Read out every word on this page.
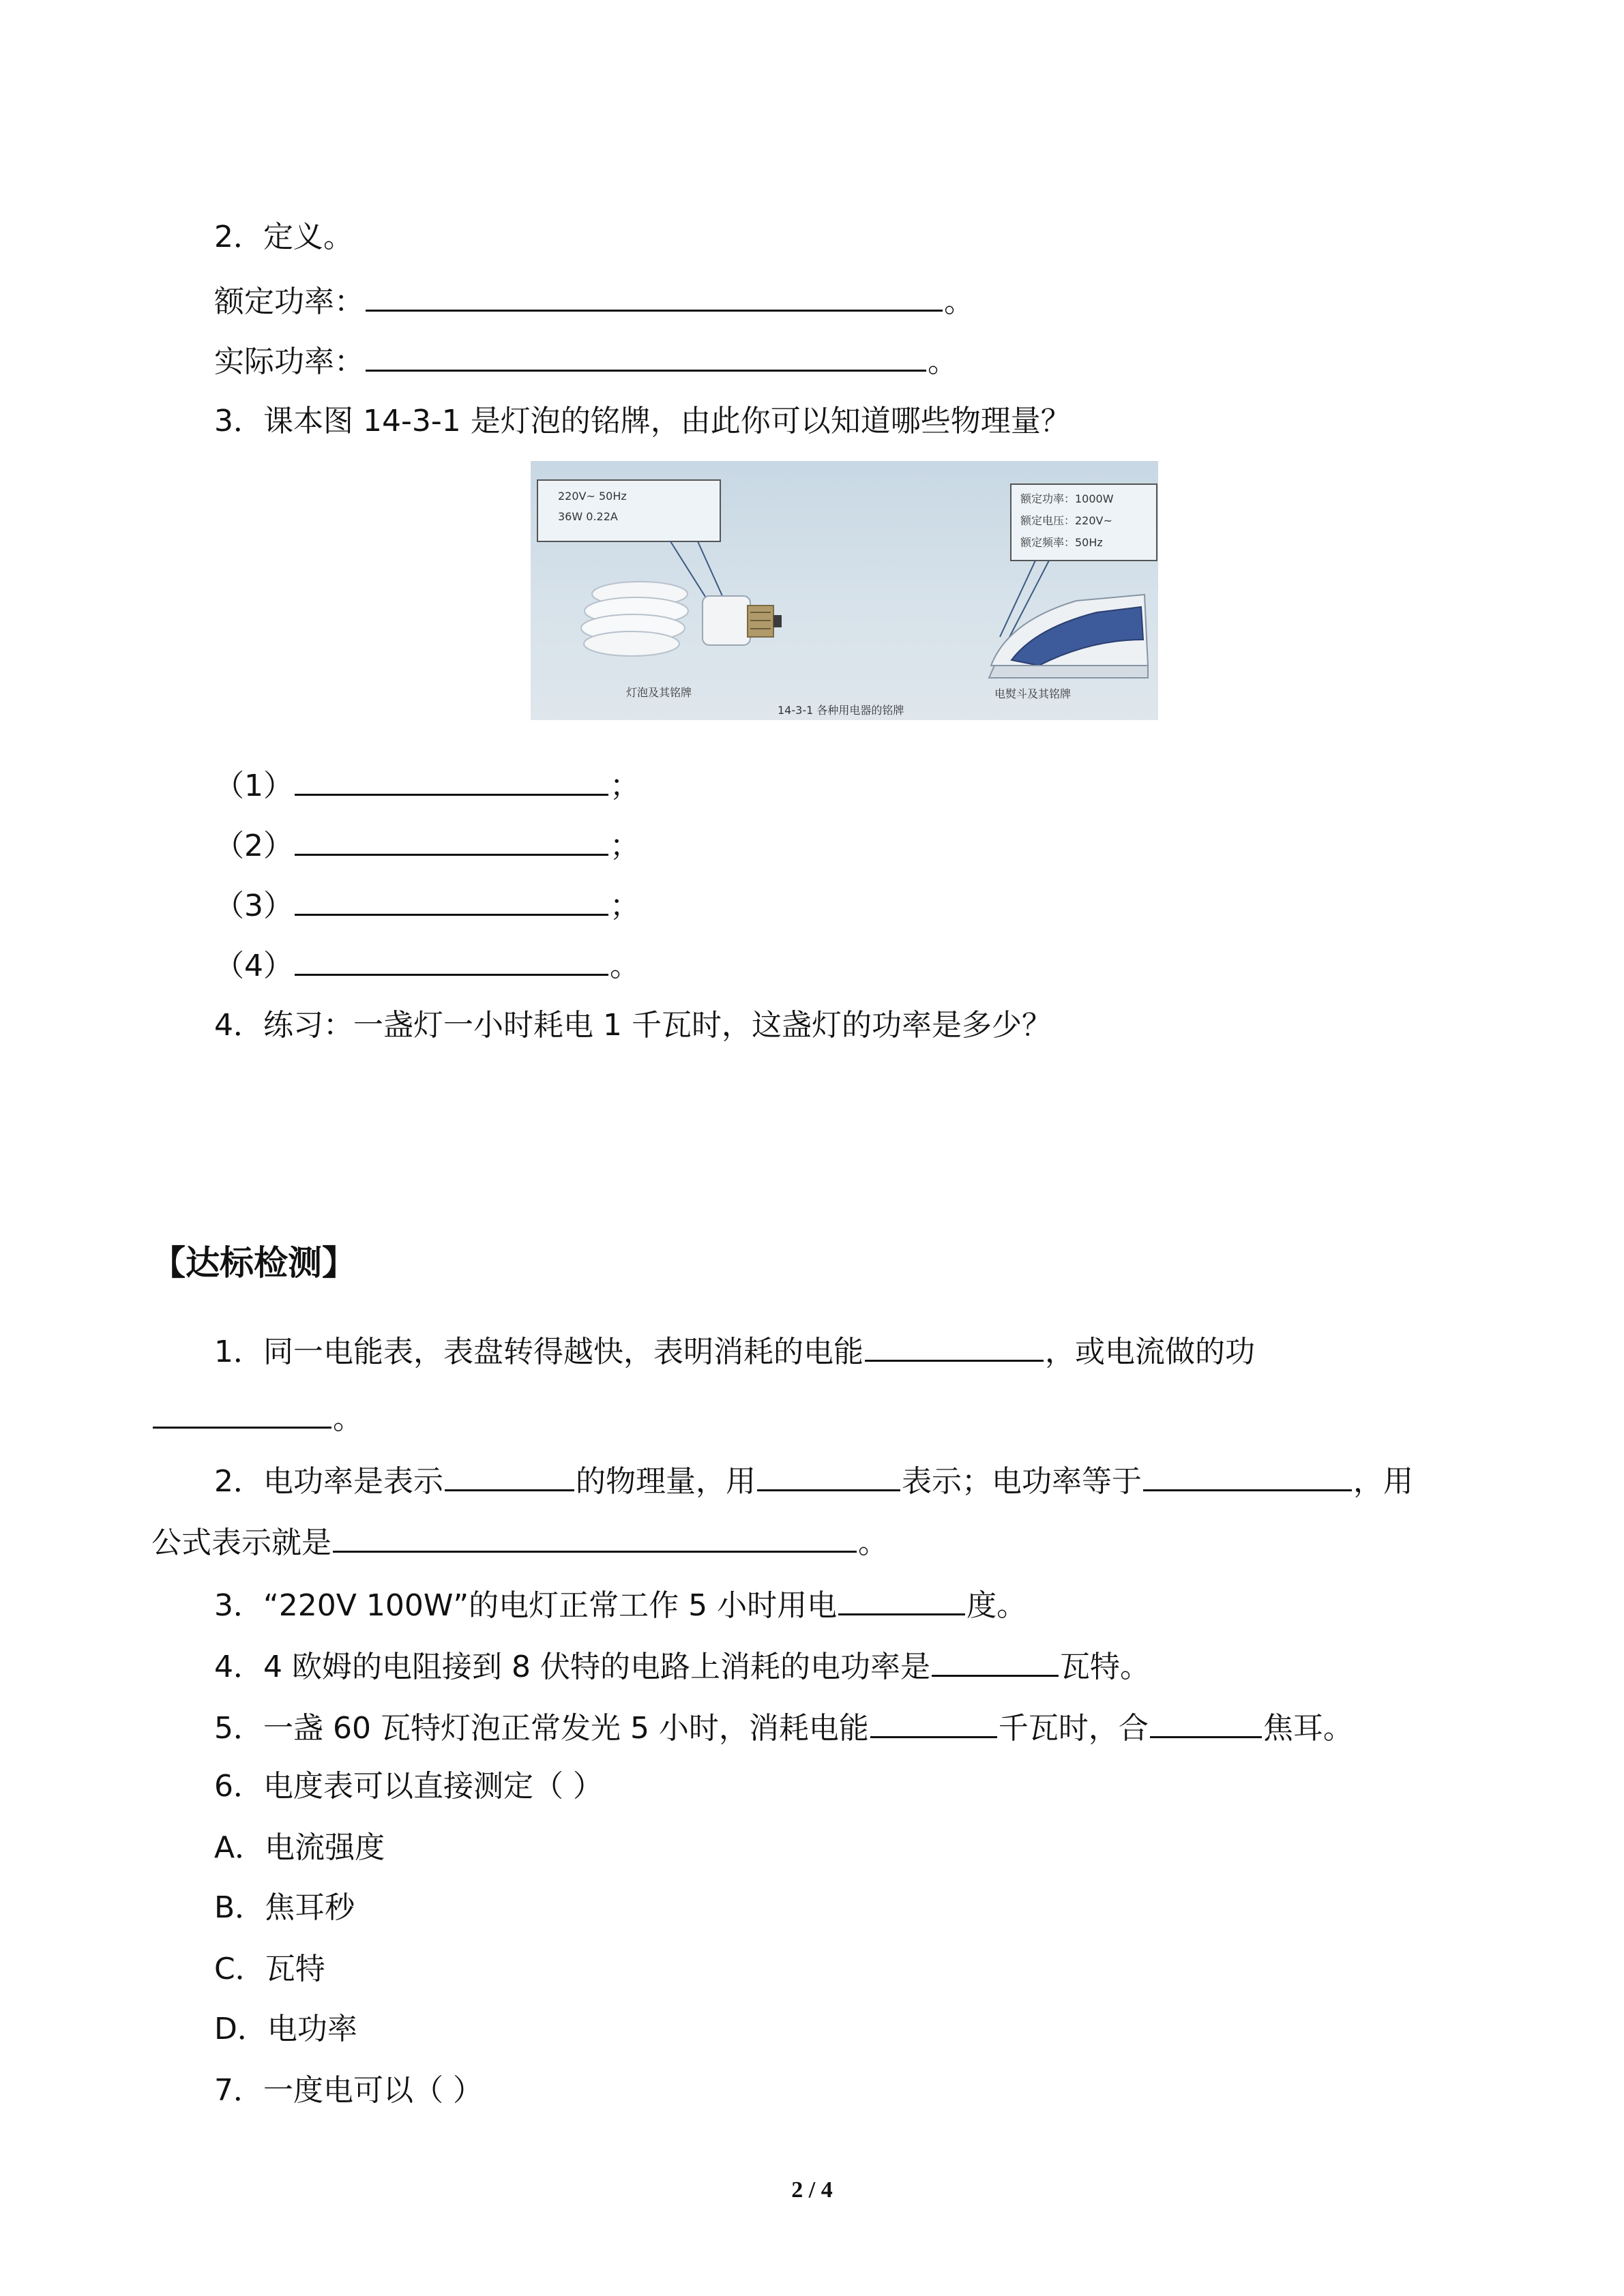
2．定义。
额定功率：	。
实际功率：	。
3．课本图 14-3-1 是灯泡的铭牌，由此你可以知道哪些物理量？
220V~ 50Hz
36W 0.22A
额定功率：1000W
额定电压：220V~
额定频率：50Hz
灯泡及其铭牌	电熨斗及其铭牌
14-3-1 各种用电器的铭牌
（1）	；
（2）	；
（3）	；
（4）	。
4．练习：一盏灯一小时耗电 1 千瓦时，这盏灯的功率是多少？
【达标检测】
1．同一电能表，表盘转得越快，表明消耗的电能	，或电流做的功
。
2．电功率是表示	的物理量，用	表示；电功率等于	，用
公式表示就是	。
3．“220V 100W”的电灯正常工作 5 小时用电	度。
4．4 欧姆的电阻接到 8 伏特的电路上消耗的电功率是	瓦特。
5．一盏 60 瓦特灯泡正常发光 5 小时，消耗电能	千瓦时，合	焦耳。
6．电度表可以直接测定（ ）
A．电流强度
B．焦耳秒
C．瓦特
D．电功率
7．一度电可以（ ）
2 / 4
